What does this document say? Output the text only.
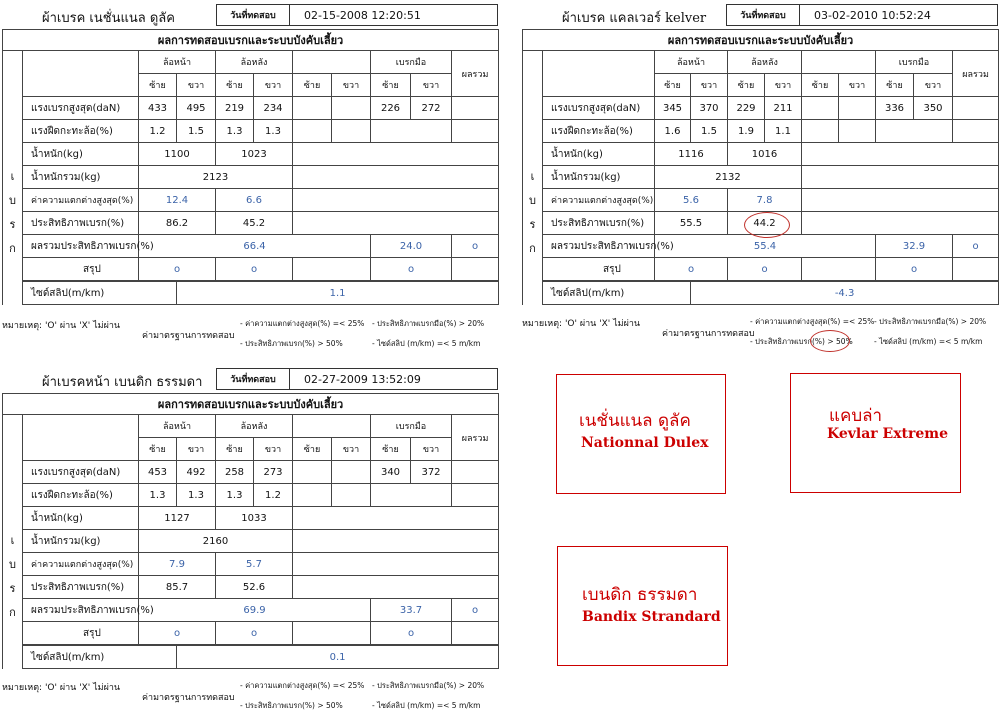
ผ้าเบรค เนชั่นแนล ดูลัค	วันที่ทดสอบ	02-15-2008 12:20:51
ผลการทดสอบเบรกและระบบบังคับเลี้ยว											

เ
บ
ร
ก		ล้อหน้า		ล้อหลัง				เบรกมือ		ผลรวม	
		ซ้าย	ขวา	ซ้าย	ขวา	ซ้าย	ขวา	ซ้าย	ขวา		
	แรงเบรกสูงสุด(daN)	433	495	219	234			226	272		
	แรงฝืดกะทะล้อ(%)	1.2	1.5	1.3	1.3						
	น้ำหนัก(kg)	1100		1023							
	น้ำหนักรวม(kg)	2123									
	ค่าความแตกต่างสูงสุด(%)	12.4		6.6							
	ประสิทธิภาพเบรก(%)	86.2		45.2							
	ผลรวมประสิทธิภาพเบรก(%)	66.4						24.0		o	
	สรุป	o		o				o			
	ไซด์สลิป(m/km)		1.1	
หมายเหตุ: 'O' ผ่าน 'X' ไม่ผ่าน
ค่ามาตรฐานการทดสอบ
- ค่าความแตกต่างสูงสุด(%) =< 25% - ประสิทธิภาพเบรกมือ(%) > 20%
- ประสิทธิภาพเบรก(%) > 50%	- ไซด์สลิป (m/km) =< 5 m/km
ผ้าเบรค แคลเวอร์ kelver	วันที่ทดสอบ	03-02-2010 10:52:24
ผลการทดสอบเบรกและระบบบังคับเลี้ยว											

เ
บ
ร
ก		ล้อหน้า		ล้อหลัง				เบรกมือ		ผลรวม	
		ซ้าย	ขวา	ซ้าย	ขวา	ซ้าย	ขวา	ซ้าย	ขวา		
	แรงเบรกสูงสุด(daN)	345	370	229	211			336	350		
	แรงฝืดกะทะล้อ(%)	1.6	1.5	1.9	1.1						
	น้ำหนัก(kg)	1116		1016							
	น้ำหนักรวม(kg)	2132									
	ค่าความแตกต่างสูงสุด(%)	5.6		7.8							
	ประสิทธิภาพเบรก(%)	55.5		44.2							
	ผลรวมประสิทธิภาพเบรก(%)	55.4						32.9		o	
	สรุป	o		o				o			
	ไซด์สลิป(m/km)		-4.3	
หมายเหตุ: 'O' ผ่าน 'X' ไม่ผ่าน
ค่ามาตรฐานการทดสอบ
- ค่าความแตกต่างสูงสุด(%) =< 25% - ประสิทธิภาพเบรกมือ(%) > 20%
- ประสิทธิภาพเบรก(%) > 50%	- ไซด์สลิป (m/km) =< 5 m/km
ผ้าเบรคหน้า เบนดิก ธรรมดา	วันที่ทดสอบ	02-27-2009 13:52:09
ผลการทดสอบเบรกและระบบบังคับเลี้ยว											

เ
บ
ร
ก		ล้อหน้า		ล้อหลัง				เบรกมือ		ผลรวม	
		ซ้าย	ขวา	ซ้าย	ขวา	ซ้าย	ขวา	ซ้าย	ขวา		
	แรงเบรกสูงสุด(daN)	453	492	258	273			340	372		
	แรงฝืดกะทะล้อ(%)	1.3	1.3	1.3	1.2						
	น้ำหนัก(kg)	1127		1033							
	น้ำหนักรวม(kg)	2160									
	ค่าความแตกต่างสูงสุด(%)	7.9		5.7							
	ประสิทธิภาพเบรก(%)	85.7		52.6							
	ผลรวมประสิทธิภาพเบรก(%)	69.9						33.7		o	
	สรุป	o		o				o			
	ไซด์สลิป(m/km)		0.1	
หมายเหตุ: 'O' ผ่าน 'X' ไม่ผ่าน
ค่ามาตรฐานการทดสอบ
- ค่าความแตกต่างสูงสุด(%) =< 25% - ประสิทธิภาพเบรกมือ(%) > 20%
- ประสิทธิภาพเบรก(%) > 50%	- ไซด์สลิป (m/km) =< 5 m/km
เนชั่นแนล ดูลัค
Nationnal Dulex
แคบล่า
Kevlar Extreme
เบนดิก ธรรมดา
Bandix Strandard
